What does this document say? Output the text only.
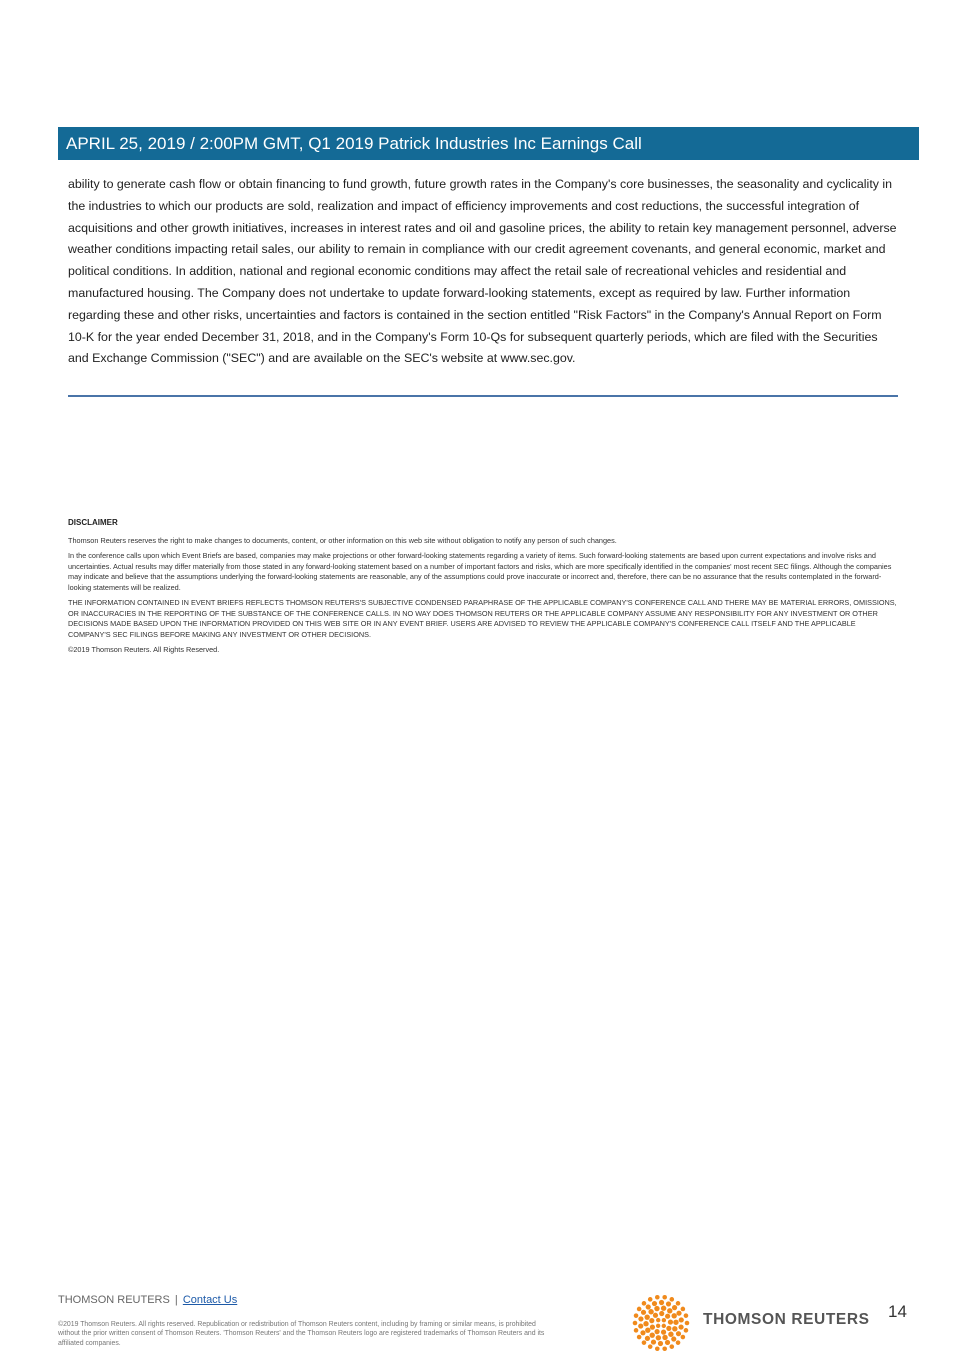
APRIL 25, 2019 / 2:00PM GMT, Q1 2019 Patrick Industries Inc Earnings Call
ability to generate cash flow or obtain financing to fund growth, future growth rates in the Company's core businesses, the seasonality and cyclicality in the industries to which our products are sold, realization and impact of efficiency improvements and cost reductions, the successful integration of acquisitions and other growth initiatives, increases in interest rates and oil and gasoline prices, the ability to retain key management personnel, adverse weather conditions impacting retail sales, our ability to remain in compliance with our credit agreement covenants, and general economic, market and political conditions. In addition, national and regional economic conditions may affect the retail sale of recreational vehicles and residential and manufactured housing. The Company does not undertake to update forward-looking statements, except as required by law. Further information regarding these and other risks, uncertainties and factors is contained in the section entitled "Risk Factors" in the Company's Annual Report on Form 10-K for the year ended December 31, 2018, and in the Company's Form 10-Qs for subsequent quarterly periods, which are filed with the Securities and Exchange Commission ("SEC") and are available on the SEC's website at www.sec.gov.
DISCLAIMER

Thomson Reuters reserves the right to make changes to documents, content, or other information on this web site without obligation to notify any person of such changes.

In the conference calls upon which Event Briefs are based, companies may make projections or other forward-looking statements regarding a variety of items. Such forward-looking statements are based upon current expectations and involve risks and uncertainties. Actual results may differ materially from those stated in any forward-looking statement based on a number of important factors and risks, which are more specifically identified in the companies' most recent SEC filings. Although the companies may indicate and believe that the assumptions underlying the forward-looking statements are reasonable, any of the assumptions could prove inaccurate or incorrect and, therefore, there can be no assurance that the results contemplated in the forward-looking statements will be realized.

THE INFORMATION CONTAINED IN EVENT BRIEFS REFLECTS THOMSON REUTERS'S SUBJECTIVE CONDENSED PARAPHRASE OF THE APPLICABLE COMPANY'S CONFERENCE CALL AND THERE MAY BE MATERIAL ERRORS, OMISSIONS, OR INACCURACIES IN THE REPORTING OF THE SUBSTANCE OF THE CONFERENCE CALLS. IN NO WAY DOES THOMSON REUTERS OR THE APPLICABLE COMPANY ASSUME ANY RESPONSIBILITY FOR ANY INVESTMENT OR OTHER DECISIONS MADE BASED UPON THE INFORMATION PROVIDED ON THIS WEB SITE OR IN ANY EVENT BRIEF. USERS ARE ADVISED TO REVIEW THE APPLICABLE COMPANY'S CONFERENCE CALL ITSELF AND THE APPLICABLE COMPANY'S SEC FILINGS BEFORE MAKING ANY INVESTMENT OR OTHER DECISIONS.

©2019 Thomson Reuters. All Rights Reserved.

THOMSON REUTERS | Contact Us
©2019 Thomson Reuters. All rights reserved. Republication or redistribution of Thomson Reuters content, including by framing or similar means, is prohibited without the prior written consent of Thomson Reuters. 'Thomson Reuters' and the Thomson Reuters logo are registered trademarks of Thomson Reuters and its affiliated companies.
THOMSON REUTERS 14
